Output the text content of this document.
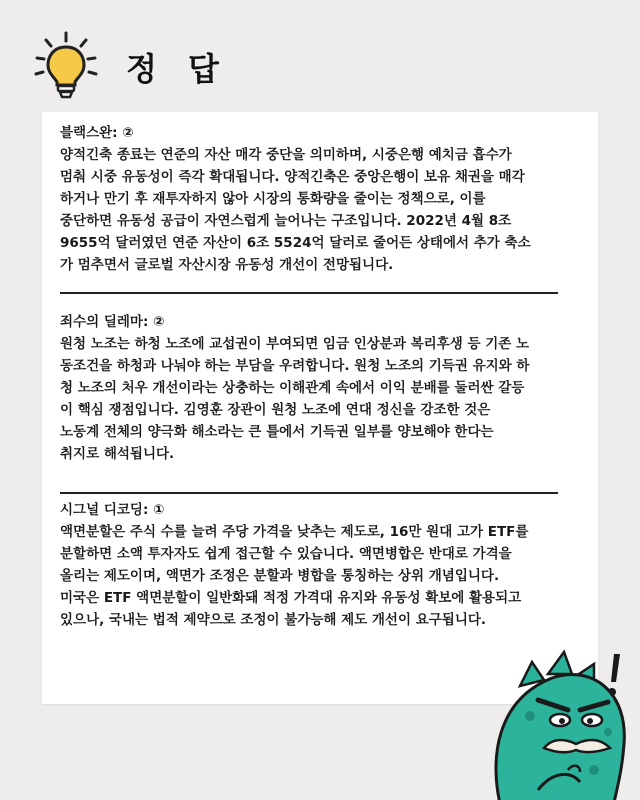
정 답

블랙스완: ②

양적긴축 종료는 연준의 자산 매각 중단을 의미하며, 시중은행 예치금 흡수가
멈춰 시중 유동성이 즉각 확대됩니다. 양적긴축은 중앙은행이 보유 채권을 매각
하거나 만기 후 재투자하지 않아 시장의 통화량을 줄이는 정책으로, 이를
중단하면 유동성 공급이 자연스럽게 늘어나는 구조입니다. 2022년 4월 8조
9655억 달러였던 연준 자산이 6조 5524억 달러로 줄어든 상태에서 추가 축소
가 멈추면서 글로벌 자산시장 유동성 개선이 전망됩니다.

죄수의 딜레마: ②

원청 노조는 하청 노조에 교섭권이 부여되면 임금 인상분과 복리후생 등 기존 노
동조건을 하청과 나눠야 하는 부담을 우려합니다. 원청 노조의 기득권 유지와 하
청 노조의 처우 개선이라는 상충하는 이해관계 속에서 이익 분배를 둘러싼 갈등
이 핵심 쟁점입니다. 김영훈 장관이 원청 노조에 연대 정신을 강조한 것은
노동계 전체의 양극화 해소라는 큰 틀에서 기득권 일부를 양보해야 한다는
취지로 해석됩니다.

시그널 디코딩: ①

액면분할은 주식 수를 늘려 주당 가격을 낮추는 제도로, 16만 원대 고가 ETF를
분할하면 소액 투자자도 쉽게 접근할 수 있습니다. 액면병합은 반대로 가격을
올리는 제도이며, 액면가 조정은 분할과 병합을 통칭하는 상위 개념입니다.
미국은 ETF 액면분할이 일반화돼 적정 가격대 유지와 유동성 확보에 활용되고
있으나, 국내는 법적 제약으로 조정이 불가능해 제도 개선이 요구됩니다.
